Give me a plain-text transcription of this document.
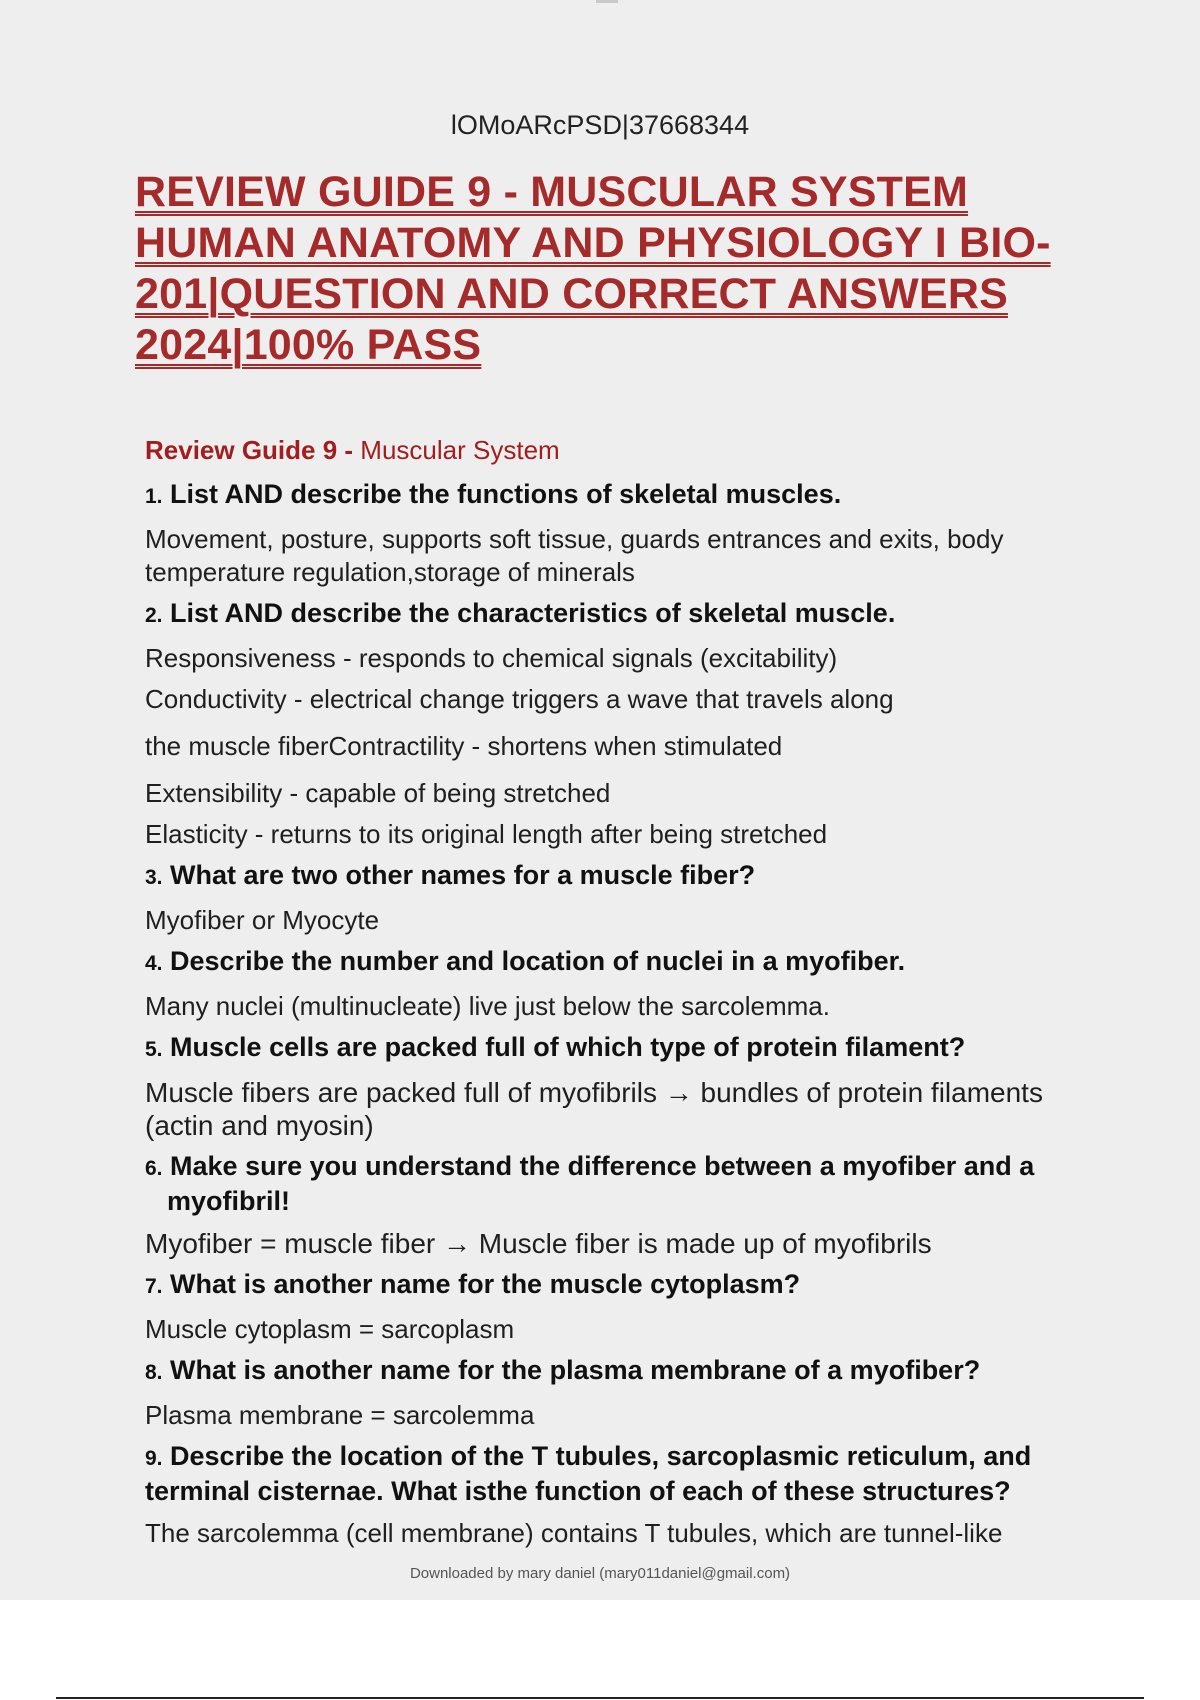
lOMoARcPSD|37668344
REVIEW GUIDE 9 - MUSCULAR SYSTEM
HUMAN ANATOMY AND PHYSIOLOGY I BIO-
201|QUESTION AND CORRECT ANSWERS
2024|100% PASS

Review Guide 9 - Muscular System

1. List AND describe the functions of skeletal muscles.

Movement, posture, supports soft tissue, guards entrances and exits, body temperature regulation,storage of minerals

2. List AND describe the characteristics of skeletal muscle.

Responsiveness - responds to chemical signals (excitability)

Conductivity - electrical change triggers a wave that travels along

the muscle fiberContractility - shortens when stimulated

Extensibility - capable of being stretched

Elasticity - returns to its original length after being stretched

3. What are two other names for a muscle fiber?

Myofiber or Myocyte

4. Describe the number and location of nuclei in a myofiber.

Many nuclei (multinucleate) live just below the sarcolemma.

5. Muscle cells are packed full of which type of protein filament?

Muscle fibers are packed full of myofibrils → bundles of protein filaments (actin and myosin)

6. Make sure you understand the difference between a myofiber and a myofibril!

Myofiber = muscle fiber → Muscle fiber is made up of myofibrils

7. What is another name for the muscle cytoplasm?

Muscle cytoplasm = sarcoplasm

8. What is another name for the plasma membrane of a myofiber?

Plasma membrane = sarcolemma

9. Describe the location of the T tubules, sarcoplasmic reticulum, and terminal cisternae. What isthe function of each of these structures?

The sarcolemma (cell membrane) contains T tubules, which are tunnel-like

Downloaded by mary daniel (mary011daniel@gmail.com)
